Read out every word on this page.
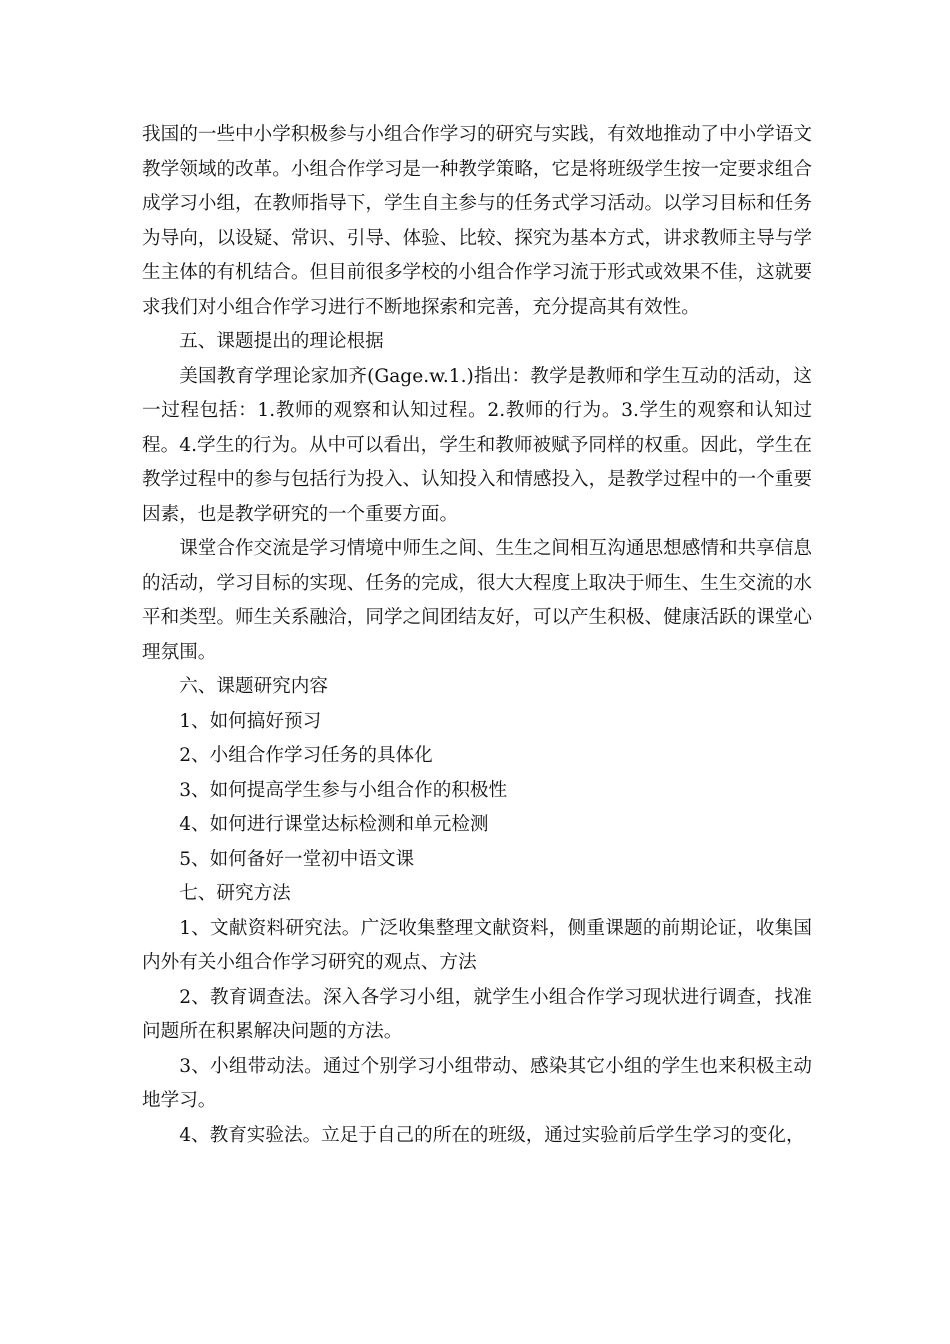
我国的一些中小学积极参与小组合作学习的研究与实践，有效地推动了中小学语文教学领域的改革。小组合作学习是一种教学策略，它是将班级学生按一定要求组合成学习小组，在教师指导下，学生自主参与的任务式学习活动。以学习目标和任务为导向，以设疑、常识、引导、体验、比较、探究为基本方式，讲求教师主导与学生主体的有机结合。但目前很多学校的小组合作学习流于形式或效果不佳，这就要求我们对小组合作学习进行不断地探索和完善，充分提高其有效性。

五、课题提出的理论根据

美国教育学理论家加齐(Gage.w.1.)指出：教学是教师和学生互动的活动，这一过程包括：1.教师的观察和认知过程。2.教师的行为。3.学生的观察和认知过程。4.学生的行为。从中可以看出，学生和教师被赋予同样的权重。因此，学生在教学过程中的参与包括行为投入、认知投入和情感投入，是教学过程中的一个重要因素，也是教学研究的一个重要方面。

课堂合作交流是学习情境中师生之间、生生之间相互沟通思想感情和共享信息的活动，学习目标的实现、任务的完成，很大大程度上取决于师生、生生交流的水平和类型。师生关系融洽，同学之间团结友好，可以产生积极、健康活跃的课堂心理氛围。

六、课题研究内容

1、如何搞好预习

2、小组合作学习任务的具体化

3、如何提高学生参与小组合作的积极性

4、如何进行课堂达标检测和单元检测

5、如何备好一堂初中语文课

七、研究方法

1、文献资料研究法。广泛收集整理文献资料，侧重课题的前期论证，收集国内外有关小组合作学习研究的观点、方法

2、教育调查法。深入各学习小组，就学生小组合作学习现状进行调查，找准问题所在积累解决问题的方法。

3、小组带动法。通过个别学习小组带动、感染其它小组的学生也来积极主动地学习。

4、教育实验法。立足于自己的所在的班级，通过实验前后学生学习的变化，
